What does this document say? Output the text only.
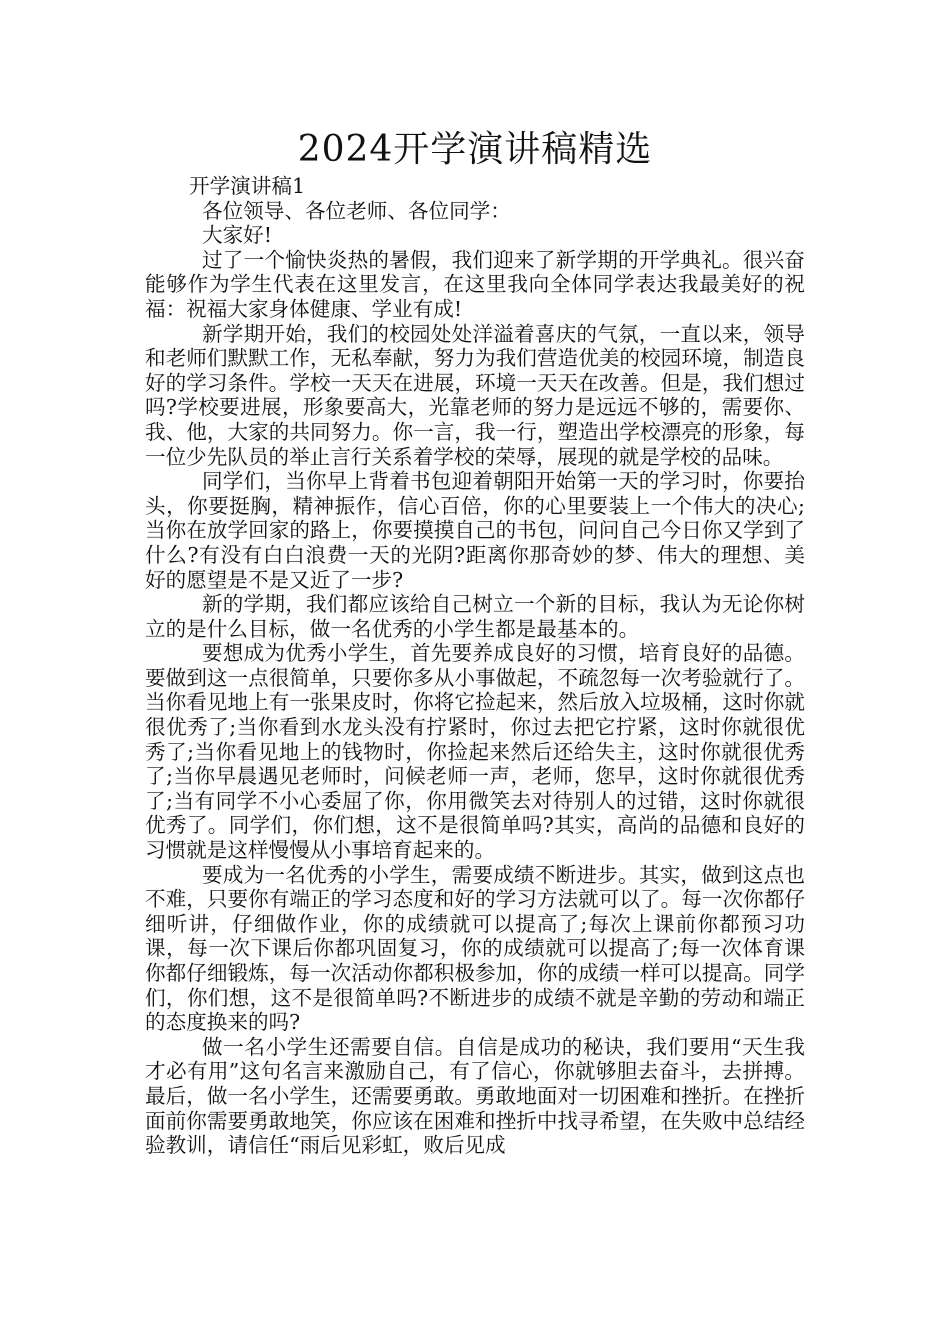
2024开学演讲稿精选

开学演讲稿1

各位领导、各位老师、各位同学：

大家好!

过了一个愉快炎热的暑假，我们迎来了新学期的开学典礼。很兴奋能够作为学生代表在这里发言，在这里我向全体同学表达我最美好的祝福：祝福大家身体健康、学业有成!

新学期开始，我们的校园处处洋溢着喜庆的气氛，一直以来，领导和老师们默默工作，无私奉献，努力为我们营造优美的校园环境，制造良好的学习条件。学校一天天在进展，环境一天天在改善。但是，我们想过吗?学校要进展，形象要高大，光靠老师的努力是远远不够的，需要你、我、他，大家的共同努力。你一言，我一行，塑造出学校漂亮的形象，每一位少先队员的举止言行关系着学校的荣辱，展现的就是学校的品味。

同学们，当你早上背着书包迎着朝阳开始第一天的学习时，你要抬头，你要挺胸，精神振作，信心百倍，你的心里要装上一个伟大的决心;当你在放学回家的路上，你要摸摸自己的书包，问问自己今日你又学到了什么?有没有白白浪费一天的光阴?距离你那奇妙的梦、伟大的理想、美好的愿望是不是又近了一步?

新的学期，我们都应该给自己树立一个新的目标，我认为无论你树立的是什么目标，做一名优秀的小学生都是最基本的。

要想成为优秀小学生，首先要养成良好的习惯，培育良好的品德。要做到这一点很简单，只要你多从小事做起，不疏忽每一次考验就行了。当你看见地上有一张果皮时，你将它捡起来，然后放入垃圾桶，这时你就很优秀了;当你看到水龙头没有拧紧时，你过去把它拧紧，这时你就很优秀了;当你看见地上的钱物时，你捡起来然后还给失主，这时你就很优秀了;当你早晨遇见老师时，问候老师一声，老师，您早，这时你就很优秀了;当有同学不小心委屈了你，你用微笑去对待别人的过错，这时你就很优秀了。同学们，你们想，这不是很简单吗?其实，高尚的品德和良好的习惯就是这样慢慢从小事培育起来的。

要成为一名优秀的小学生，需要成绩不断进步。其实，做到这点也不难，只要你有端正的学习态度和好的学习方法就可以了。每一次你都仔细听讲，仔细做作业，你的成绩就可以提高了;每次上课前你都预习功课，每一次下课后你都巩固复习，你的成绩就可以提高了;每一次体育课你都仔细锻炼，每一次活动你都积极参加，你的成绩一样可以提高。同学们，你们想，这不是很简单吗?不断进步的成绩不就是辛勤的劳动和端正的态度换来的吗?

做一名小学生还需要自信。自信是成功的秘诀，我们要用“天生我才必有用”这句名言来激励自己，有了信心，你就够胆去奋斗，去拼搏。最后，做一名小学生，还需要勇敢。勇敢地面对一切困难和挫折。在挫折面前你需要勇敢地笑，你应该在困难和挫折中找寻希望，在失败中总结经验教训，请信任“雨后见彩虹，败后见成
